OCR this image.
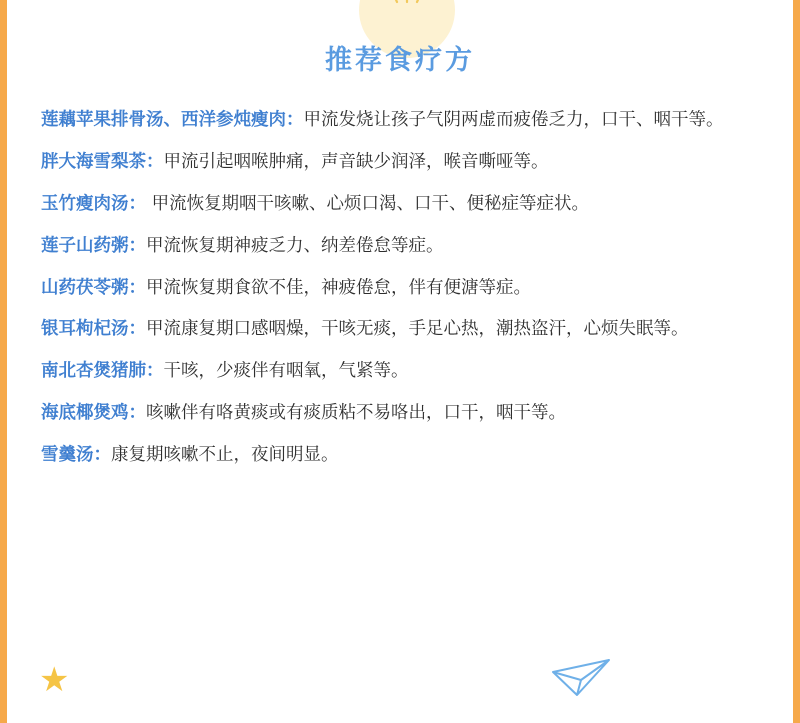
推荐食疗方

莲藕苹果排骨汤、西洋参炖瘦肉：甲流发烧让孩子气阴两虚而疲倦乏力，口干、咽干等。

胖大海雪梨茶：甲流引起咽喉肿痛，声音缺少润泽，喉音嘶哑等。

玉竹瘦肉汤： 甲流恢复期咽干咳嗽、心烦口渴、口干、便秘症等症状。

莲子山药粥：甲流恢复期神疲乏力、纳差倦怠等症。

山药茯苓粥：甲流恢复期食欲不佳，神疲倦怠，伴有便溏等症。

银耳枸杞汤：甲流康复期口感咽燥，干咳无痰，手足心热，潮热盗汗，心烦失眠等。

南北杏煲猪肺：干咳，少痰伴有咽氧，气紧等。

海底椰煲鸡：咳嗽伴有咯黄痰或有痰质粘不易咯出，口干，咽干等。

雪羹汤：康复期咳嗽不止，夜间明显。

★
